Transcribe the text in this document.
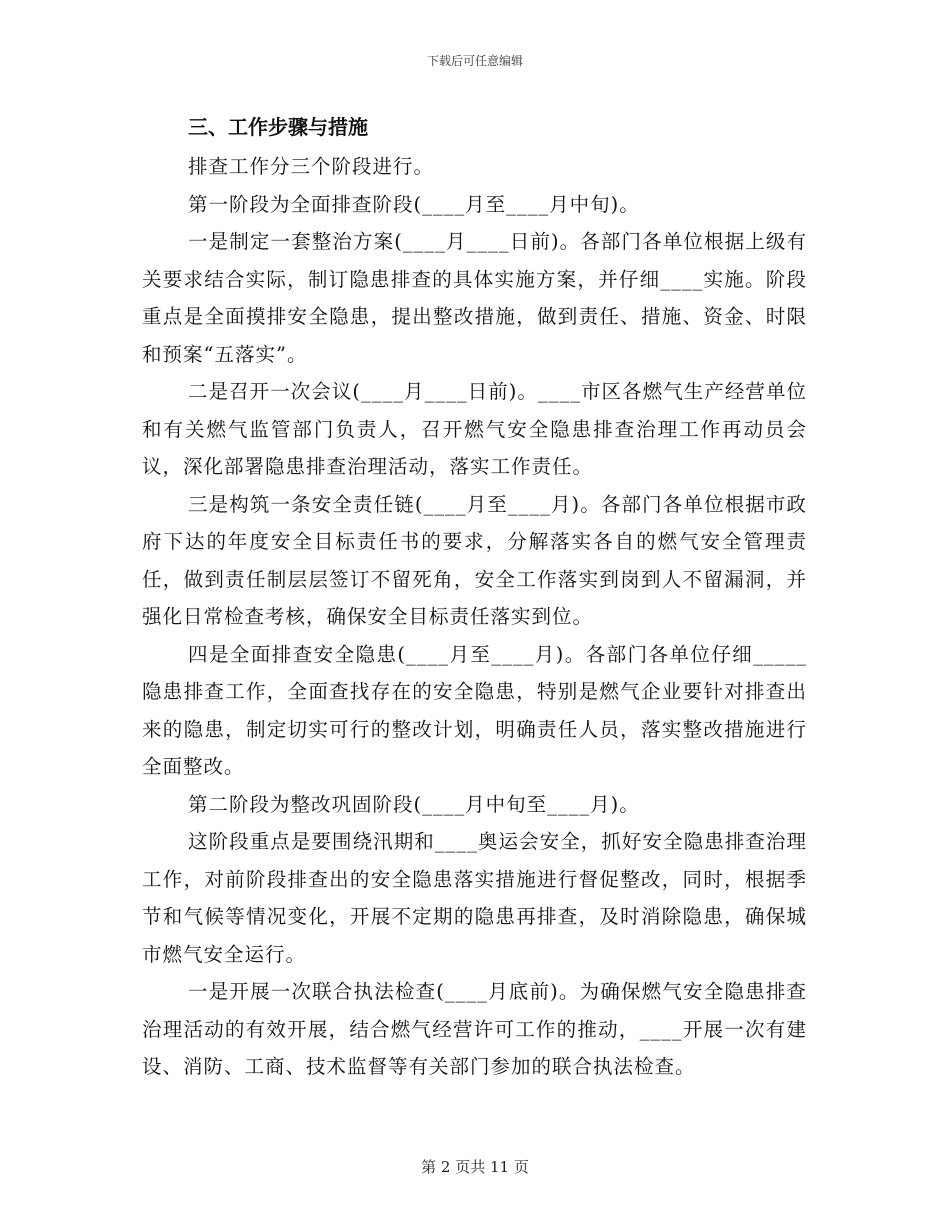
下载后可任意编辑

三、工作步骤与措施

排查工作分三个阶段进行。

第一阶段为全面排查阶段(____月至____月中旬)。

一是制定一套整治方案(____月____日前)。各部门各单位根据上级有关要求结合实际，制订隐患排查的具体实施方案，并仔细____实施。阶段重点是全面摸排安全隐患，提出整改措施，做到责任、措施、资金、时限和预案“五落实”。

二是召开一次会议(____月____日前)。____市区各燃气生产经营单位和有关燃气监管部门负责人，召开燃气安全隐患排查治理工作再动员会议，深化部署隐患排查治理活动，落实工作责任。

三是构筑一条安全责任链(____月至____月)。各部门各单位根据市政府下达的年度安全目标责任书的要求，分解落实各自的燃气安全管理责任，做到责任制层层签订不留死角，安全工作落实到岗到人不留漏洞，并强化日常检查考核，确保安全目标责任落实到位。

四是全面排查安全隐患(____月至____月)。各部门各单位仔细_____隐患排查工作，全面查找存在的安全隐患，特别是燃气企业要针对排查出来的隐患，制定切实可行的整改计划，明确责任人员，落实整改措施进行全面整改。

第二阶段为整改巩固阶段(____月中旬至____月)。

这阶段重点是要围绕汛期和____奥运会安全，抓好安全隐患排查治理工作，对前阶段排查出的安全隐患落实措施进行督促整改，同时，根据季节和气候等情况变化，开展不定期的隐患再排查，及时消除隐患，确保城市燃气安全运行。

一是开展一次联合执法检查(____月底前)。为确保燃气安全隐患排查治理活动的有效开展，结合燃气经营许可工作的推动，____开展一次有建设、消防、工商、技术监督等有关部门参加的联合执法检查。

第 2 页共 11 页
